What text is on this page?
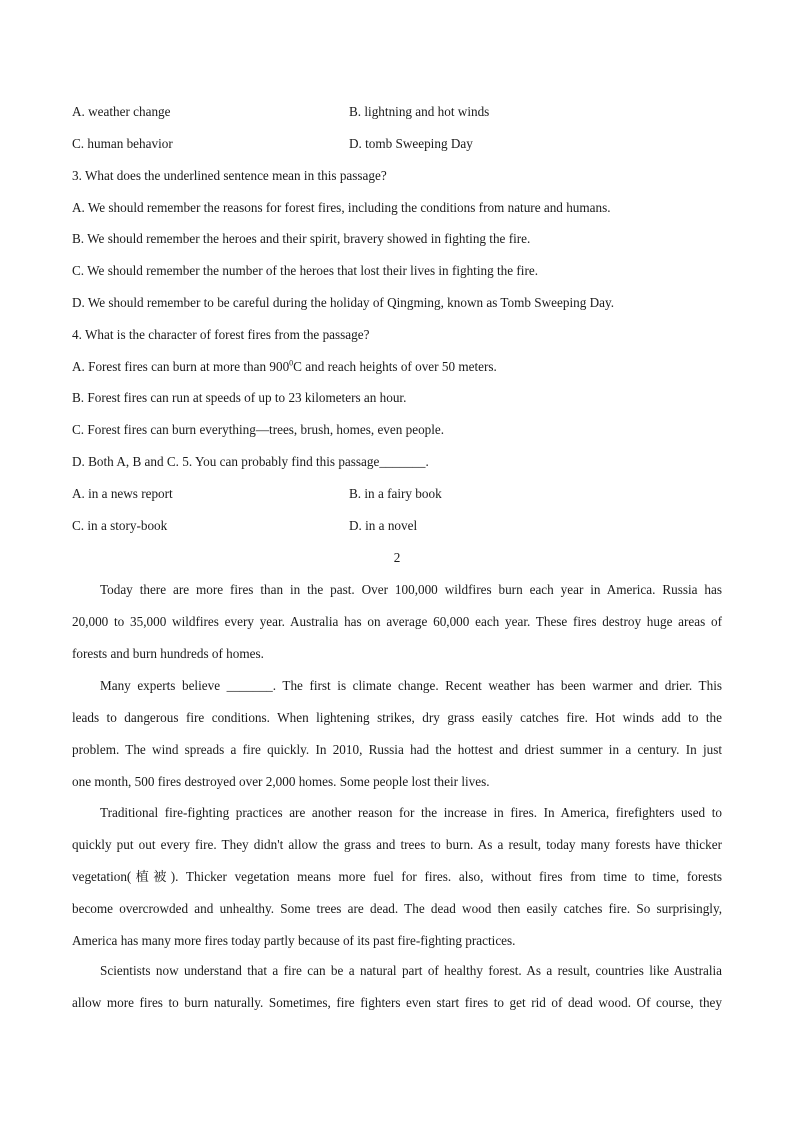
A. weather change	B. lightning and hot winds
C. human behavior	D. tomb Sweeping Day
3. What does the underlined sentence mean in this passage?
A. We should remember the reasons for forest fires, including the conditions from nature and humans.
B. We should remember the heroes and their spirit, bravery showed in fighting the fire.
C. We should remember the number of the heroes that lost their lives in fighting the fire.
D. We should remember to be careful during the holiday of Qingming, known as Tomb Sweeping Day.
4. What is the character of forest fires from the passage?
A. Forest fires can burn at more than $900^0C$ and reach heights of over 50 meters.
B. Forest fires can run at speeds of up to 23 kilometers an hour.
C. Forest fires can burn everything—trees, brush, homes, even people.
D. Both A, B and C. 5. You can probably find this passage_______.
A. in a news report	B. in a fairy book
C. in a story-book	D. in a novel
2
Today there are more fires than in the past. Over 100,000 wildfires burn each year in America. Russia has
20,000 to 35,000 wildfires every year. Australia has on average 60,000 each year. These fires destroy huge areas of
forests and burn hundreds of homes.
Many experts believe _______. The first is climate change. Recent weather has been warmer and drier. This
leads to dangerous fire conditions. When lightening strikes, dry grass easily catches fire. Hot winds add to the
problem. The wind spreads a fire quickly. In 2010, Russia had the hottest and driest summer in a century. In just
one month, 500 fires destroyed over 2,000 homes. Some people lost their lives.
Traditional fire-fighting practices are another reason for the increase in fires. In America, firefighters used to
quickly put out every fire. They didn't allow the grass and trees to burn. As a result, today many forests have thicker
vegetation(植被). Thicker vegetation means more fuel for fires. also, without fires from time to time, forests
become overcrowded and unhealthy. Some trees are dead. The dead wood then easily catches fire. So surprisingly,
America has many more fires today partly because of its past fire-fighting practices.
Scientists now understand that a fire can be a natural part of healthy forest. As a result, countries like Australia
allow more fires to burn naturally. Sometimes, fire fighters even start fires to get rid of dead wood. Of course, they
